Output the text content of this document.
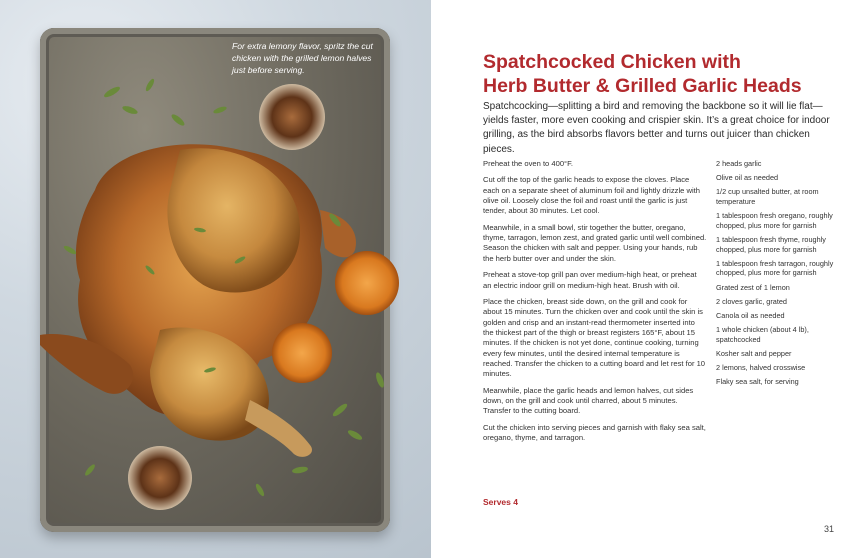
For extra lemony flavor, spritz the cut chicken with the grilled lemon halves just before serving.	Spatchcocked Chicken with
Herb Butter & Grilled Garlic Heads

Spatchcocking—splitting a bird and removing the backbone so it will lie flat—yields faster, more even cooking and crispier skin. It’s a great choice for indoor grilling, as the bird absorbs flavors better and turns out juicer than chicken pieces.

Preheat the oven to 400°F.

Cut off the top of the garlic heads to expose the cloves. Place each on a separate sheet of aluminum foil and lightly drizzle with olive oil. Loosely close the foil and roast until the garlic is just tender, about 30 minutes. Let cool.

Meanwhile, in a small bowl, stir together the butter, oregano, thyme, tarragon, lemon zest, and grated garlic until well combined. Season the chicken with salt and pepper. Using your hands, rub the herb butter over and under the skin.

Preheat a stove-top grill pan over medium-high heat, or preheat an electric indoor grill on medium-high heat. Brush with oil.

Place the chicken, breast side down, on the grill and cook for about 15 minutes. Turn the chicken over and cook until the skin is golden and crisp and an instant-read thermometer inserted into the thickest part of the thigh or breast registers 165°F, about 15 minutes. If the chicken is not yet done, continue cooking, turning every few minutes, until the desired internal temperature is reached. Transfer the chicken to a cutting board and let rest for 10 minutes.

Meanwhile, place the garlic heads and lemon halves, cut sides down, on the grill and cook until charred, about 5 minutes. Transfer to the cutting board.

Cut the chicken into serving pieces and garnish with flaky sea salt, oregano, thyme, and tarragon.

Serves 4

2 heads garlic
Olive oil as needed
1/2 cup unsalted butter, at room temperature
1 tablespoon fresh oregano, roughly chopped, plus more for garnish
1 tablespoon fresh thyme, roughly chopped, plus more for garnish
1 tablespoon fresh tarragon, roughly chopped, plus more for garnish
Grated zest of 1 lemon
2 cloves garlic, grated
Canola oil as needed
1 whole chicken (about 4 lb), spatchcocked
Kosher salt and pepper
2 lemons, halved crosswise
Flaky sea salt, for serving
31
